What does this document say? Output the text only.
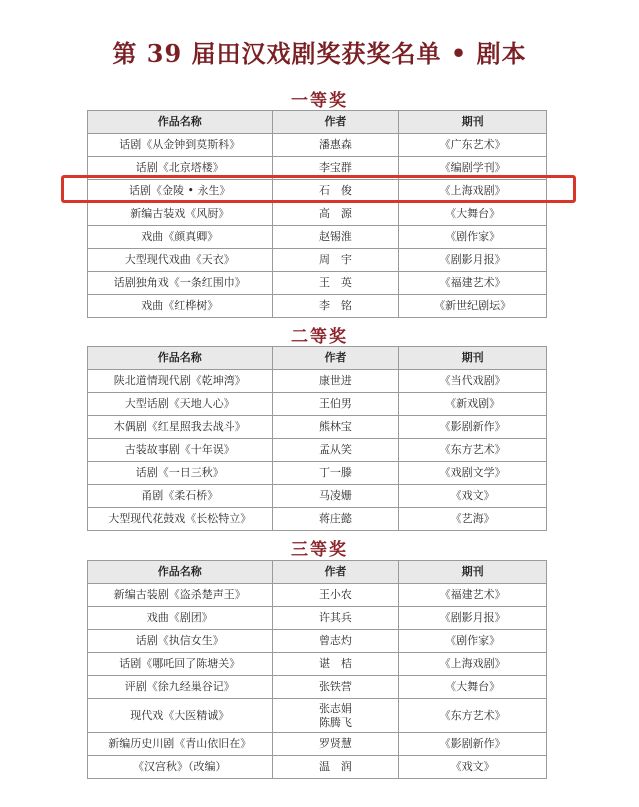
第 39 届田汉戏剧奖获奖名单 • 剧本
一等奖
作品名称	作者	期刊
话剧《从金钟到莫斯科》	潘惠森	《广东艺术》
话剧《北京塔楼》	李宝群	《编剧学刊》
话剧《金陵 • 永生》	石　俊	《上海戏剧》
新编古装戏《风厨》	高　源	《大舞台》
戏曲《颜真卿》	赵锡淮	《剧作家》
大型现代戏曲《天衣》	周　宇	《剧影月报》
话剧独角戏《一条红围巾》	王　英	《福建艺术》
戏曲《红桦树》	李　铭	《新世纪剧坛》
二等奖
作品名称	作者	期刊
陕北道情现代剧《乾坤湾》	康世进	《当代戏剧》
大型话剧《天地人心》	王伯男	《新戏剧》
木偶剧《红星照我去战斗》	熊林宝	《影剧新作》
古装故事剧《十年误》	孟从笑	《东方艺术》
话剧《一日三秋》	丁一滕	《戏剧文学》
甬剧《柔石桥》	马凌姗	《戏文》
大型现代花鼓戏《长松特立》	蒋庄懿	《艺海》
三等奖
作品名称	作者	期刊
新编古装剧《盗杀楚声王》	王小农	《福建艺术》
戏曲《剧团》	许其兵	《剧影月报》
话剧《执信女生》	曾志灼	《剧作家》
话剧《哪吒回了陈塘关》	谌　桔	《上海戏剧》
评剧《徐九经巢谷记》	张铁营	《大舞台》
现代戏《大医精诚》	张志娟
陈腾飞	《东方艺术》
新编历史川剧《青山依旧在》	罗贤慧	《影剧新作》
《汉宫秋》（改编）	温　润	《戏文》
